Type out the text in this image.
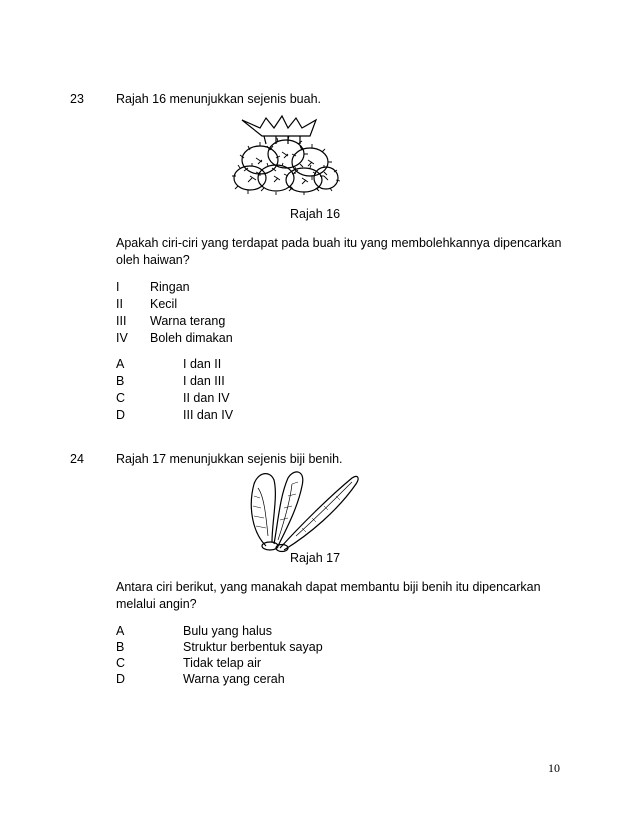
23	Rajah 16 menunjukkan sejenis buah.
Rajah 16
Apakah ciri-ciri yang terdapat pada buah itu yang membolehkannya dipencarkan
oleh haiwan?
I Ringan
II Kecil
III Warna terang
IV Boleh dimakan
A	I dan II
B	I dan III
C	II dan IV
D	III dan IV
24	Rajah 17 menunjukkan sejenis biji benih.
Rajah 17
Antara ciri berikut, yang manakah dapat membantu biji benih itu dipencarkan
melalui angin?
A	Bulu yang halus
B	Struktur berbentuk sayap
C	Tidak telap air
D	Warna yang cerah
10
